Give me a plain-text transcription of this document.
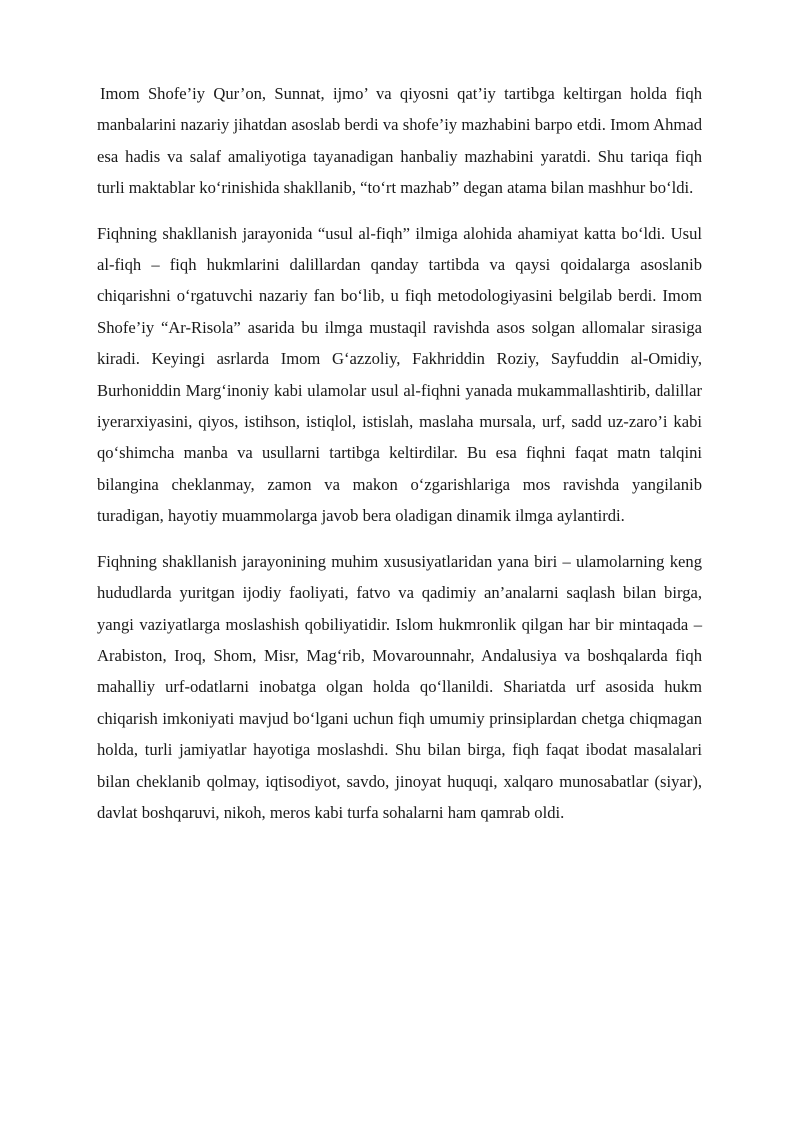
Imom Shofe’iy Qur’on, Sunnat, ijmo’ va qiyosni qat’iy tartibga keltirgan holda fiqh manbalarini nazariy jihatdan asoslab berdi va shofe’iy mazhabini barpo etdi. Imom Ahmad esa hadis va salaf amaliyotiga tayanadigan hanbaliy mazhabini yaratdi. Shu tariqa fiqh turli maktablar ko‘rinishida shakllanib, “to‘rt mazhab” degan atama bilan mashhur bo‘ldi.

Fiqhning shakllanish jarayonida “usul al-fiqh” ilmiga alohida ahamiyat katta bo‘ldi. Usul al-fiqh – fiqh hukmlarini dalillardan qanday tartibda va qaysi qoidalarga asoslanib chiqarishni o‘rgatuvchi nazariy fan bo‘lib, u fiqh metodologiyasini belgilab berdi. Imom Shofe’iy “Ar-Risola” asarida bu ilmga mustaqil ravishda asos solgan allomalar sirasiga kiradi. Keyingi asrlarda Imom G‘azzoliy, Fakhriddin Roziy, Sayfuddin al-Omidiy, Burhoniddin Marg‘inoniy kabi ulamolar usul al-fiqhni yanada mukammallashtirib, dalillar iyerarxiyasini, qiyos, istihson, istiqlol, istislah, maslaha mursala, urf, sadd uz-zaro’i kabi qo‘shimcha manba va usullarni tartibga keltirdilar. Bu esa fiqhni faqat matn talqini bilangina cheklanmay, zamon va makon o‘zgarishlariga mos ravishda yangilanib turadigan, hayotiy muammolarga javob bera oladigan dinamik ilmga aylantirdi.

Fiqhning shakllanish jarayonining muhim xususiyatlaridan yana biri – ulamolarning keng hududlarda yuritgan ijodiy faoliyati, fatvo va qadimiy an’analarni saqlash bilan birga, yangi vaziyatlarga moslashish qobiliyatidir. Islom hukmronlik qilgan har bir mintaqada – Arabiston, Iroq, Shom, Misr, Mag‘rib, Movarounnahr, Andalusiya va boshqalarda fiqh mahalliy urf-odatlarni inobatga olgan holda qo‘llanildi. Shariatda urf asosida hukm chiqarish imkoniyati mavjud bo‘lgani uchun fiqh umumiy prinsiplardan chetga chiqmagan holda, turli jamiyatlar hayotiga moslashdi. Shu bilan birga, fiqh faqat ibodat masalalari bilan cheklanib qolmay, iqtisodiyot, savdo, jinoyat huquqi, xalqaro munosabatlar (siyar), davlat boshqaruvi, nikoh, meros kabi turfa sohalarni ham qamrab oldi.
